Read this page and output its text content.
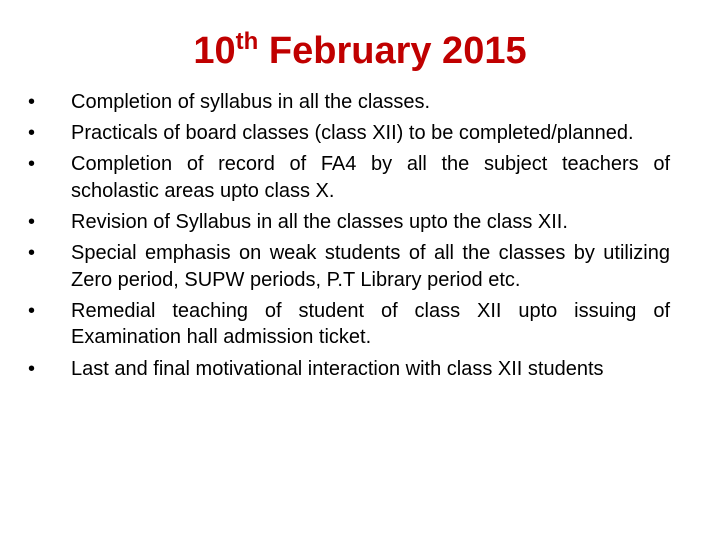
10th February 2015
•	Completion of syllabus in all the classes.
•	Practicals of board classes (class XII) to be completed/planned.
•	Completion of record of FA4 by all the subject teachers of scholastic areas upto class X.
•	Revision of Syllabus in all the classes upto the class XII.
•	Special emphasis on weak students of all the classes by utilizing Zero period, SUPW periods, P.T Library period etc.
•	Remedial teaching of student of class XII upto issuing of Examination hall admission ticket.
•	Last and final motivational interaction with class XII students
